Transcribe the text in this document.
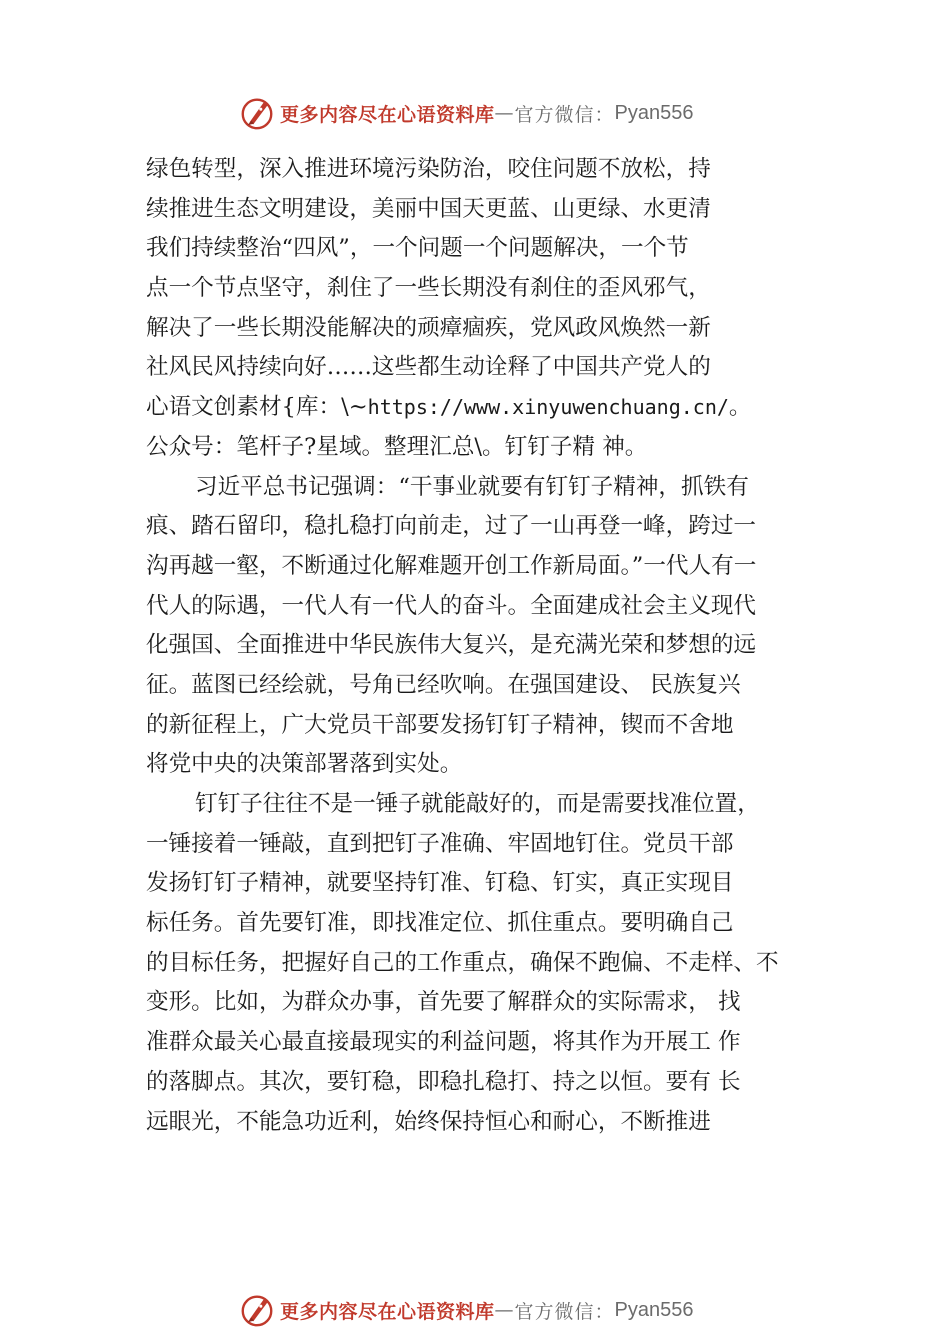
更多内容尽在心语资料库 — 官方微信： Pyan556
绿色转型，深入推进环境污染防治，咬住问题不放松，持
续推进生态文明建设，美丽中国天更蓝、山更绿、水更清
我们持续整治“四风”，一个问题一个问题解决，一个节
点一个节点坚守，刹住了一些长期没有刹住的歪风邪气，
解决了一些长期没能解决的顽瘴痼疾，党风政风焕然一新
社风民风持续向好……这些都生动诠释了中国共产党人的
心语文创素材{库：\~https://www.xinyuwenchuang.cn/。
公众号：笔杆子?星域。整理汇总\。钉钉子精 神。
习近平总书记强调：“干事业就要有钉钉子精神，抓铁有
痕、踏石留印，稳扎稳打向前走，过了一山再登一峰，跨过一
沟再越一壑，不断通过化解难题开创工作新局面。”一代人有一
代人的际遇，一代人有一代人的奋斗。全面建成社会主义现代
化强国、全面推进中华民族伟大复兴，是充满光荣和梦想的远
征。蓝图已经绘就，号角已经吹响。在强国建设、 民族复兴
的新征程上，广大党员干部要发扬钉钉子精神，锲而不舍地
将党中央的决策部署落到实处。
钉钉子往往不是一锤子就能敲好的，而是需要找准位置，
一锤接着一锤敲，直到把钉子准确、牢固地钉住。党员干部
发扬钉钉子精神，就要坚持钉准、钉稳、钉实，真正实现目
标任务。首先要钉准，即找准定位、抓住重点。要明确自己
的目标任务，把握好自己的工作重点，确保不跑偏、不走样、不
变形。比如，为群众办事，首先要了解群众的实际需求， 找
准群众最关心最直接最现实的利益问题，将其作为开展工 作
的落脚点。其次，要钉稳，即稳扎稳打、持之以恒。要有 长
远眼光，不能急功近利，始终保持恒心和耐心，不断推进
更多内容尽在心语资料库 — 官方微信： Pyan556
